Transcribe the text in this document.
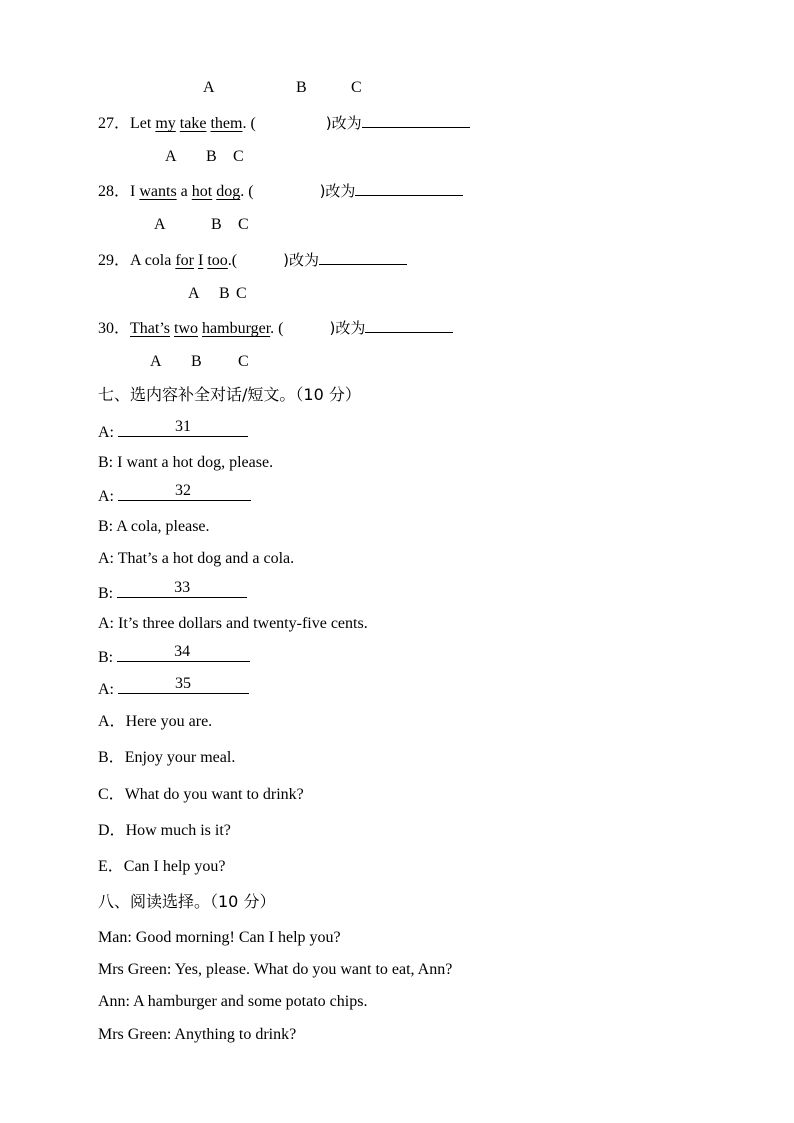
A	B	C
27．Let my take them. (	)改为
A B C
28．I wants a hot dog. (	)改为
A	B C
29．A cola for I too.(	)改为
A B C
30．That’s two hamburger. (	)改为
A B C
七、选内容补全对话/短文。（10 分）
A:	31
B: I want a hot dog, please.
A:	32
B: A cola, please.
A: That’s a hot dog and a cola.
B:	33
A: It’s three dollars and twenty-five cents.
B:	34
A:	35
A．Here you are.
B．Enjoy your meal.
C．What do you want to drink?
D．How much is it?
E．Can I help you?
八、阅读选择。（10 分）
Man: Good morning! Can I help you?
Mrs Green: Yes, please. What do you want to eat, Ann?
Ann: A hamburger and some potato chips.
Mrs Green: Anything to drink?
